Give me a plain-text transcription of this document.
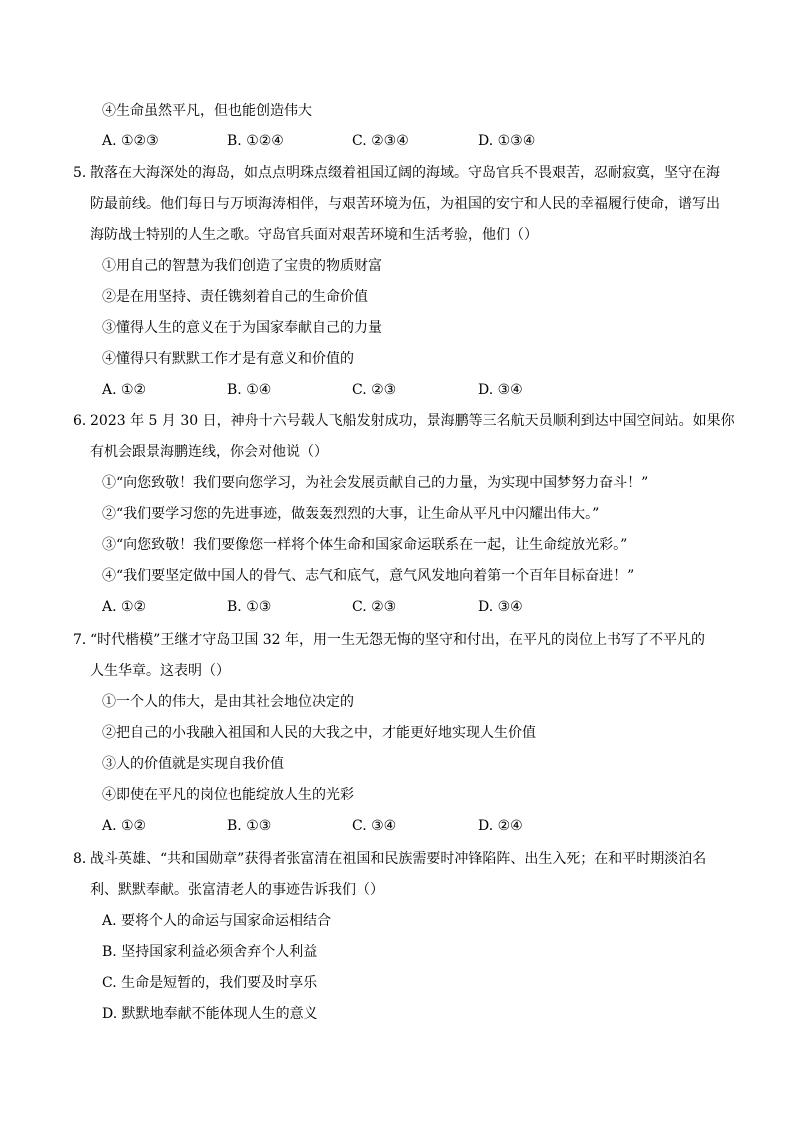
④生命虽然平凡，但也能创造伟大
A. ①②③	B. ①②④	C. ②③④	D. ①③④
5．散落在大海深处的海岛，如点点明珠点缀着祖国辽阔的海域。守岛官兵不畏艰苦，忍耐寂寞，坚守在海
防最前线。他们每日与万顷海涛相伴，与艰苦环境为伍，为祖国的安宁和人民的幸福履行使命，谱写出
海防战士特别的人生之歌。守岛官兵面对艰苦环境和生活考验，他们（）
①用自己的智慧为我们创造了宝贵的物质财富
②是在用坚持、责任镌刻着自己的生命价值
③懂得人生的意义在于为国家奉献自己的力量
④懂得只有默默工作才是有意义和价值的
A. ①②	B. ①④	C. ②③	D. ③④
6．2023 年 5 月 30 日，神舟十六号载人飞船发射成功，景海鹏等三名航天员顺利到达中国空间站。如果你
有机会跟景海鹏连线，你会对他说（）
①“向您致敬！我们要向您学习，为社会发展贡献自己的力量，为实现中国梦努力奋斗！”
②“我们要学习您的先进事迹，做轰轰烈烈的大事，让生命从平凡中闪耀出伟大。”
③“向您致敬！我们要像您一样将个体生命和国家命运联系在一起，让生命绽放光彩。”
④“我们要坚定做中国人的骨气、志气和底气，意气风发地向着第一个百年目标奋进！”
A. ①②	B. ①③	C. ②③	D. ③④
7．“时代楷模”王继才守岛卫国 32 年，用一生无怨无悔的坚守和付出，在平凡的岗位上书写了不平凡的
人生华章。这表明（）
①一个人的伟大，是由其社会地位决定的
②把自己的小我融入祖国和人民的大我之中，才能更好地实现人生价值
③人的价值就是实现自我价值
④即使在平凡的岗位也能绽放人生的光彩
A. ①②	B. ①③	C. ③④	D. ②④
8．战斗英雄、“共和国勋章”获得者张富清在祖国和民族需要时冲锋陷阵、出生入死；在和平时期淡泊名
利、默默奉献。张富清老人的事迹告诉我们（）
A. 要将个人的命运与国家命运相结合
B. 坚持国家利益必须舍弃个人利益
C. 生命是短暂的，我们要及时享乐
D. 默默地奉献不能体现人生的意义
